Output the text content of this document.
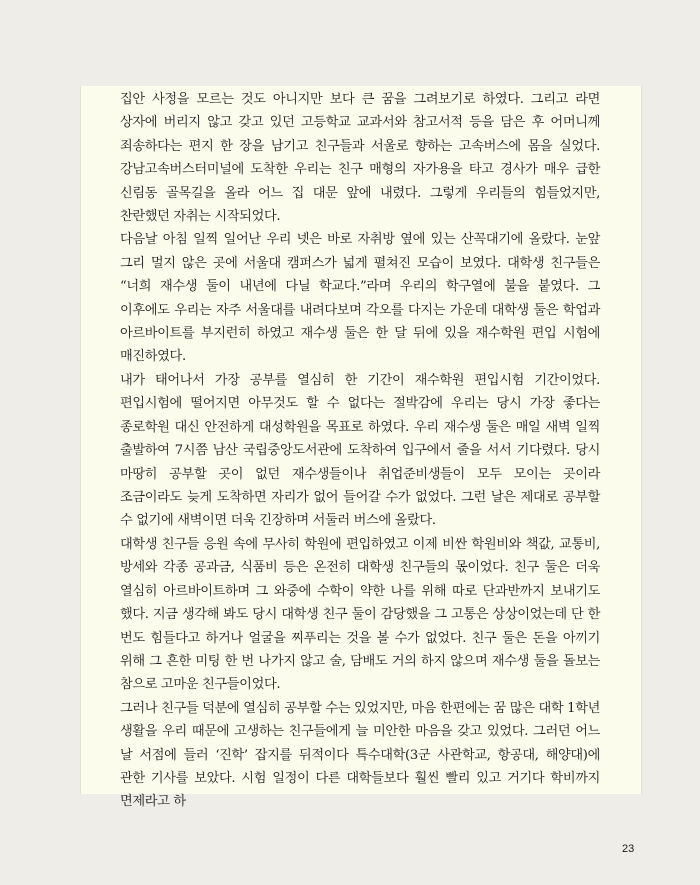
집안 사정을 모르는 것도 아니지만 보다 큰 꿈을 그려보기로 하였다. 그리고 라면 상자에 버리지 않고 갖고 있던 고등학교 교과서와 참고서적 등을 담은 후 어머니께 죄송하다는 편지 한 장을 남기고 친구들과 서울로 향하는 고속버스에 몸을 실었다. 강남고속버스터미널에 도착한 우리는 친구 매형의 자가용을 타고 경사가 매우 급한 신림동 골목길을 올라 어느 집 대문 앞에 내렸다. 그렇게 우리들의 힘들었지만, 찬란했던 자취는 시작되었다.

다음날 아침 일찍 일어난 우리 넷은 바로 자취방 옆에 있는 산꼭대기에 올랐다. 눈앞 그리 멀지 않은 곳에 서울대 캠퍼스가 넓게 펼쳐진 모습이 보였다. 대학생 친구들은 “너희 재수생 둘이 내년에 다닐 학교다.”라며 우리의 학구열에 불을 붙였다. 그 이후에도 우리는 자주 서울대를 내려다보며 각오를 다지는 가운데 대학생 둘은 학업과 아르바이트를 부지런히 하였고 재수생 둘은 한 달 뒤에 있을 재수학원 편입 시험에 매진하였다.

내가 태어나서 가장 공부를 열심히 한 기간이 재수학원 편입시험 기간이었다. 편입시험에 떨어지면 아무것도 할 수 없다는 절박감에 우리는 당시 가장 좋다는 종로학원 대신 안전하게 대성학원을 목표로 하였다. 우리 재수생 둘은 매일 새벽 일찍 출발하여 7시쯤 남산 국립중앙도서관에 도착하여 입구에서 줄을 서서 기다렸다. 당시 마땅히 공부할 곳이 없던 재수생들이나 취업준비생들이 모두 모이는 곳이라 조금이라도 늦게 도착하면 자리가 없어 들어갈 수가 없었다. 그런 날은 제대로 공부할 수 없기에 새벽이면 더욱 긴장하며 서둘러 버스에 올랐다.

대학생 친구들 응원 속에 무사히 학원에 편입하였고 이제 비싼 학원비와 책값, 교통비, 방세와 각종 공과금, 식품비 등은 온전히 대학생 친구들의 몫이었다. 친구 둘은 더욱 열심히 아르바이트하며 그 와중에 수학이 약한 나를 위해 따로 단과반까지 보내기도 했다. 지금 생각해 봐도 당시 대학생 친구 둘이 감당했을 그 고통은 상상이었는데 단 한 번도 힘들다고 하거나 얼굴을 찌푸리는 것을 볼 수가 없었다. 친구 둘은 돈을 아끼기 위해 그 흔한 미팅 한 번 나가지 않고 술, 담배도 거의 하지 않으며 재수생 둘을 돌보는 참으로 고마운 친구들이었다.

그러나 친구들 덕분에 열심히 공부할 수는 있었지만, 마음 한편에는 꿈 많은 대학 1학년 생활을 우리 때문에 고생하는 친구들에게 늘 미안한 마음을 갖고 있었다. 그러던 어느 날 서점에 들러 ‘진학’ 잡지를 뒤적이다 특수대학(3군 사관학교, 항공대, 해양대)에 관한 기사를 보았다. 시험 일정이 다른 대학들보다 훨씬 빨리 있고 거기다 학비까지 면제라고 하

23
